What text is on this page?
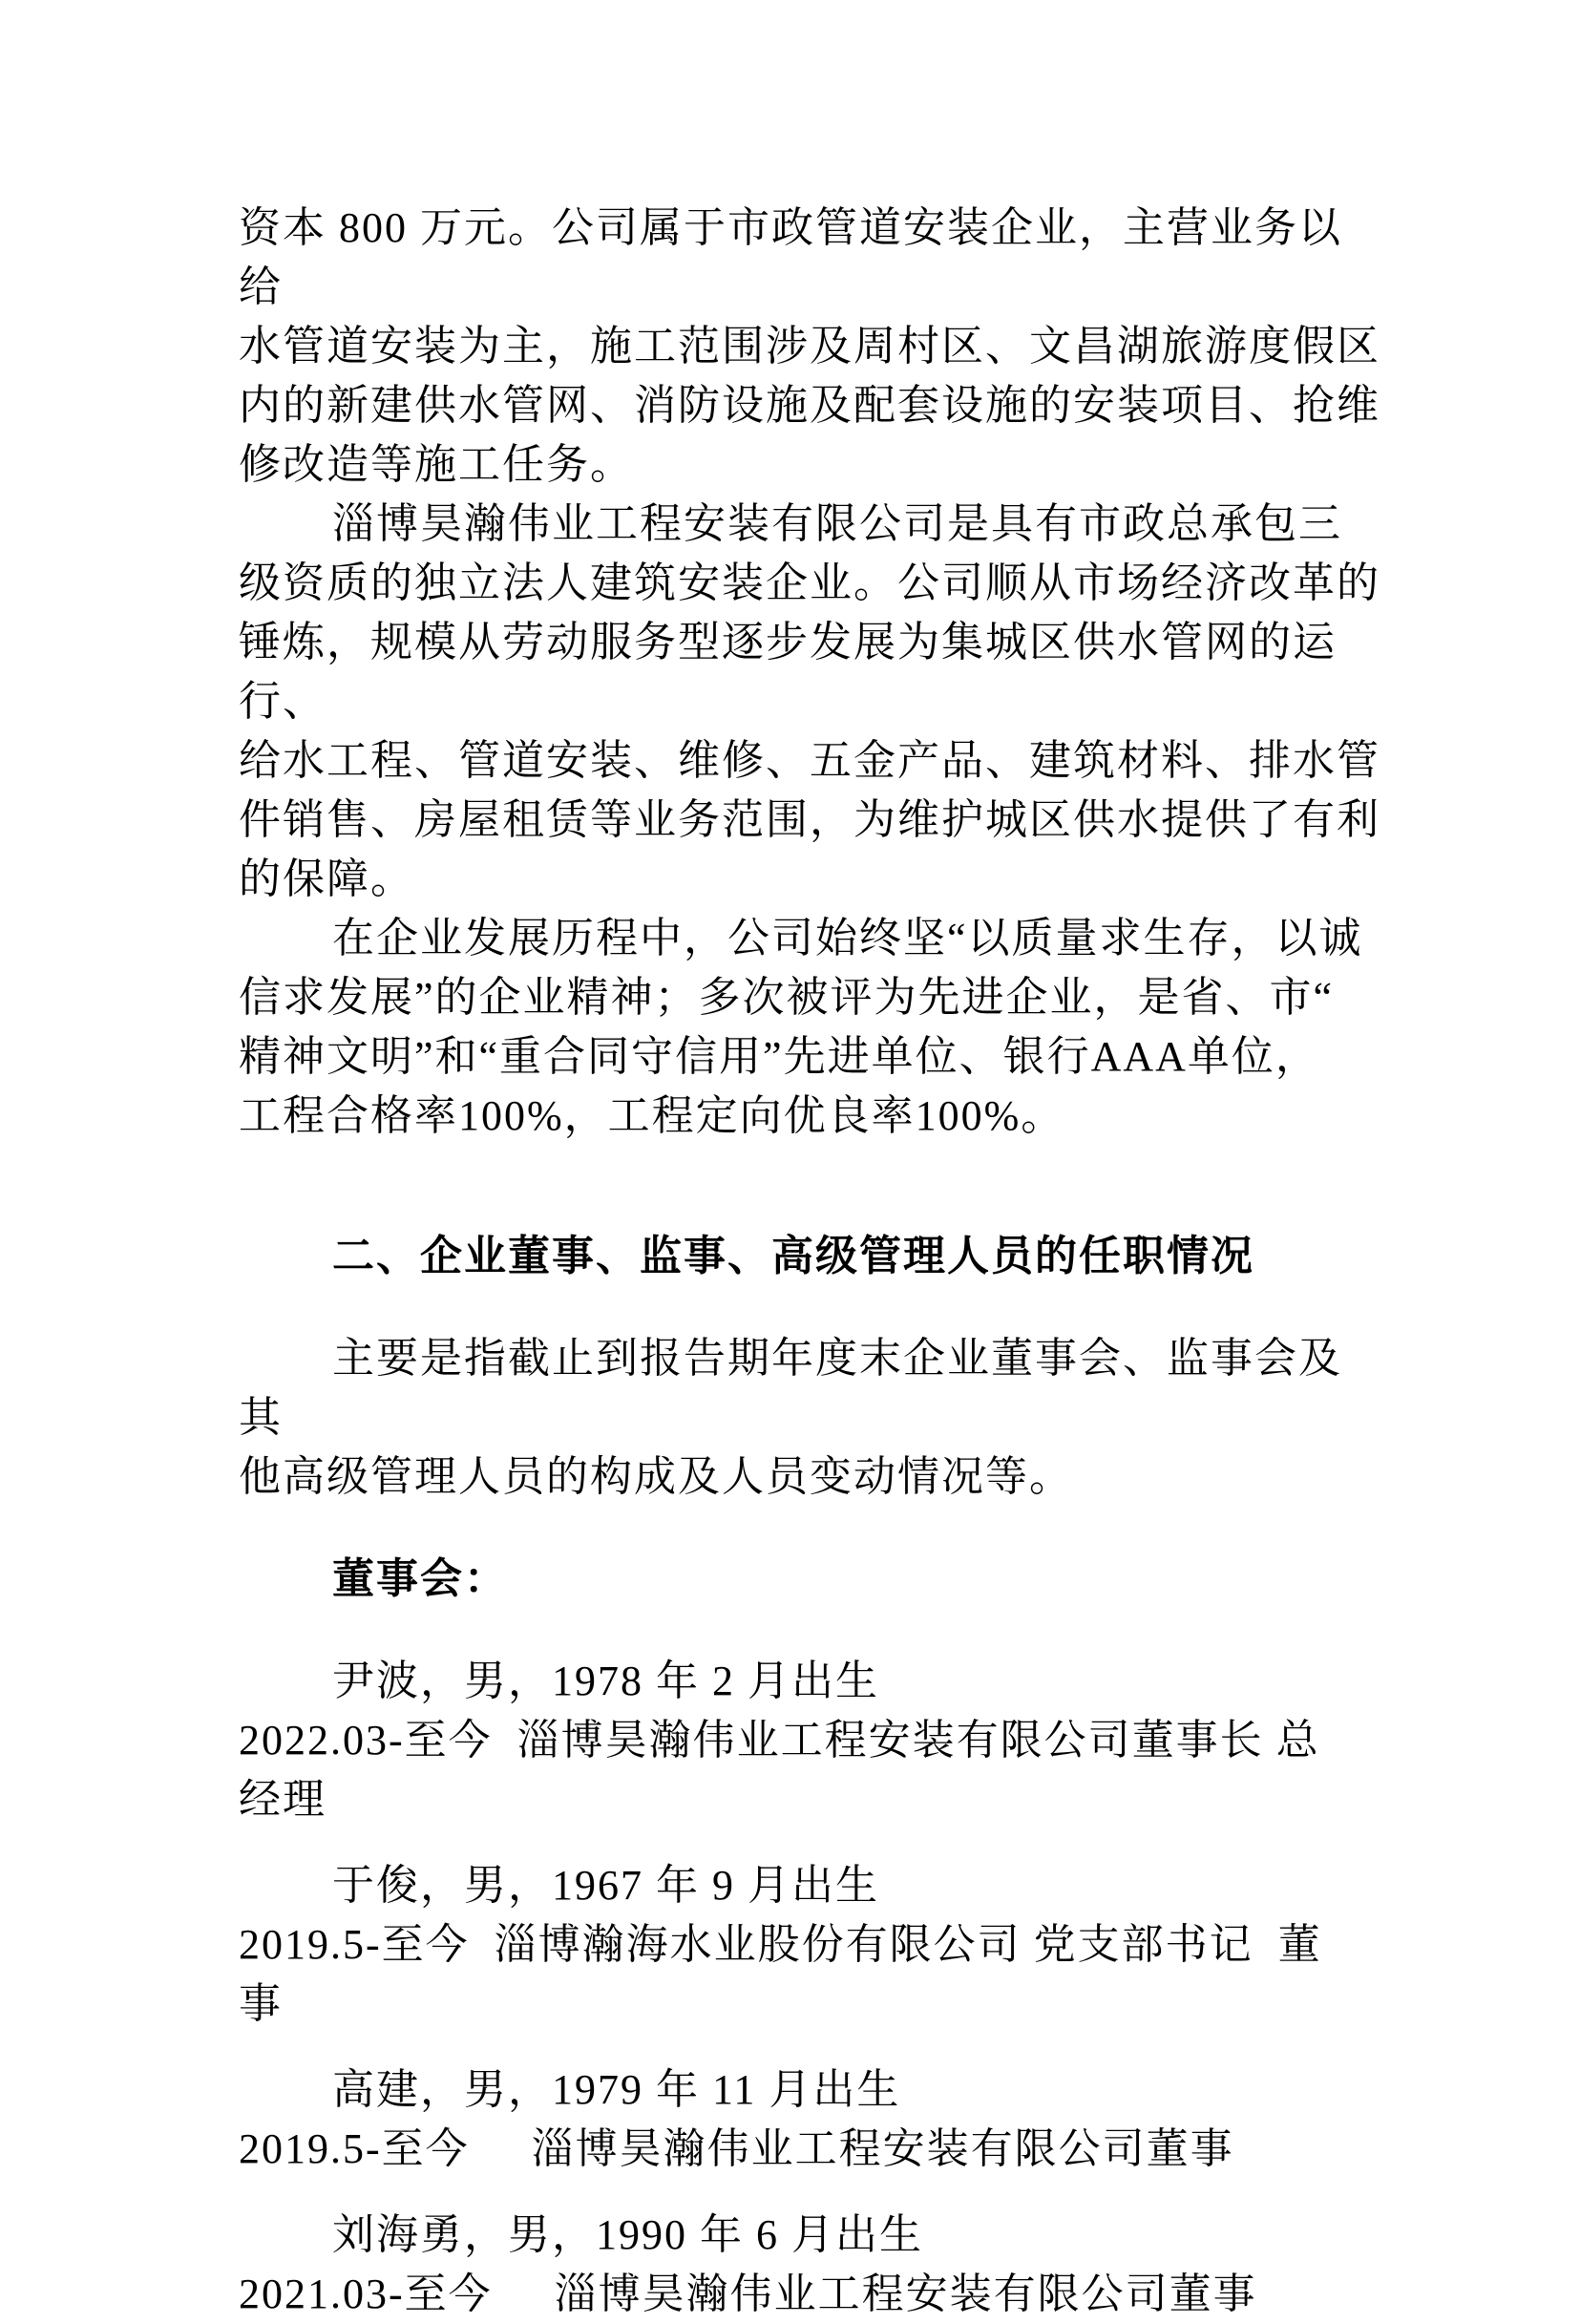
资本 800 万元。公司属于市政管道安装企业，主营业务以给
水管道安装为主，施工范围涉及周村区、文昌湖旅游度假区
内的新建供水管网、消防设施及配套设施的安装项目、抢维
修改造等施工任务。
淄博昊瀚伟业工程安装有限公司是具有市政总承包三
级资质的独立法人建筑安装企业。公司顺从市场经济改革的
锤炼，规模从劳动服务型逐步发展为集城区供水管网的运行、
给水工程、管道安装、维修、五金产品、建筑材料、排水管
件销售、房屋租赁等业务范围，为维护城区供水提供了有利
的保障。
在企业发展历程中，公司始终坚“以质量求生存，以诚
信求发展”的企业精神；多次被评为先进企业，是省、市“
精神文明”和“重合同守信用”先进单位、银行AAA单位，
工程合格率100%，工程定向优良率100%。
二、企业董事、监事、高级管理人员的任职情况
主要是指截止到报告期年度末企业董事会、监事会及其
他高级管理人员的构成及人员变动情况等。
董事会：
尹波，男，1978 年 2 月出生
2022.03-至今  淄博昊瀚伟业工程安装有限公司董事长 总
经理
于俊，男，1967 年 9 月出生
2019.5-至今  淄博瀚海水业股份有限公司 党支部书记  董
事
高建，男，1979 年 11 月出生
2019.5-至今     淄博昊瀚伟业工程安装有限公司董事
刘海勇，男，1990 年 6 月出生
2021.03-至今     淄博昊瀚伟业工程安装有限公司董事
